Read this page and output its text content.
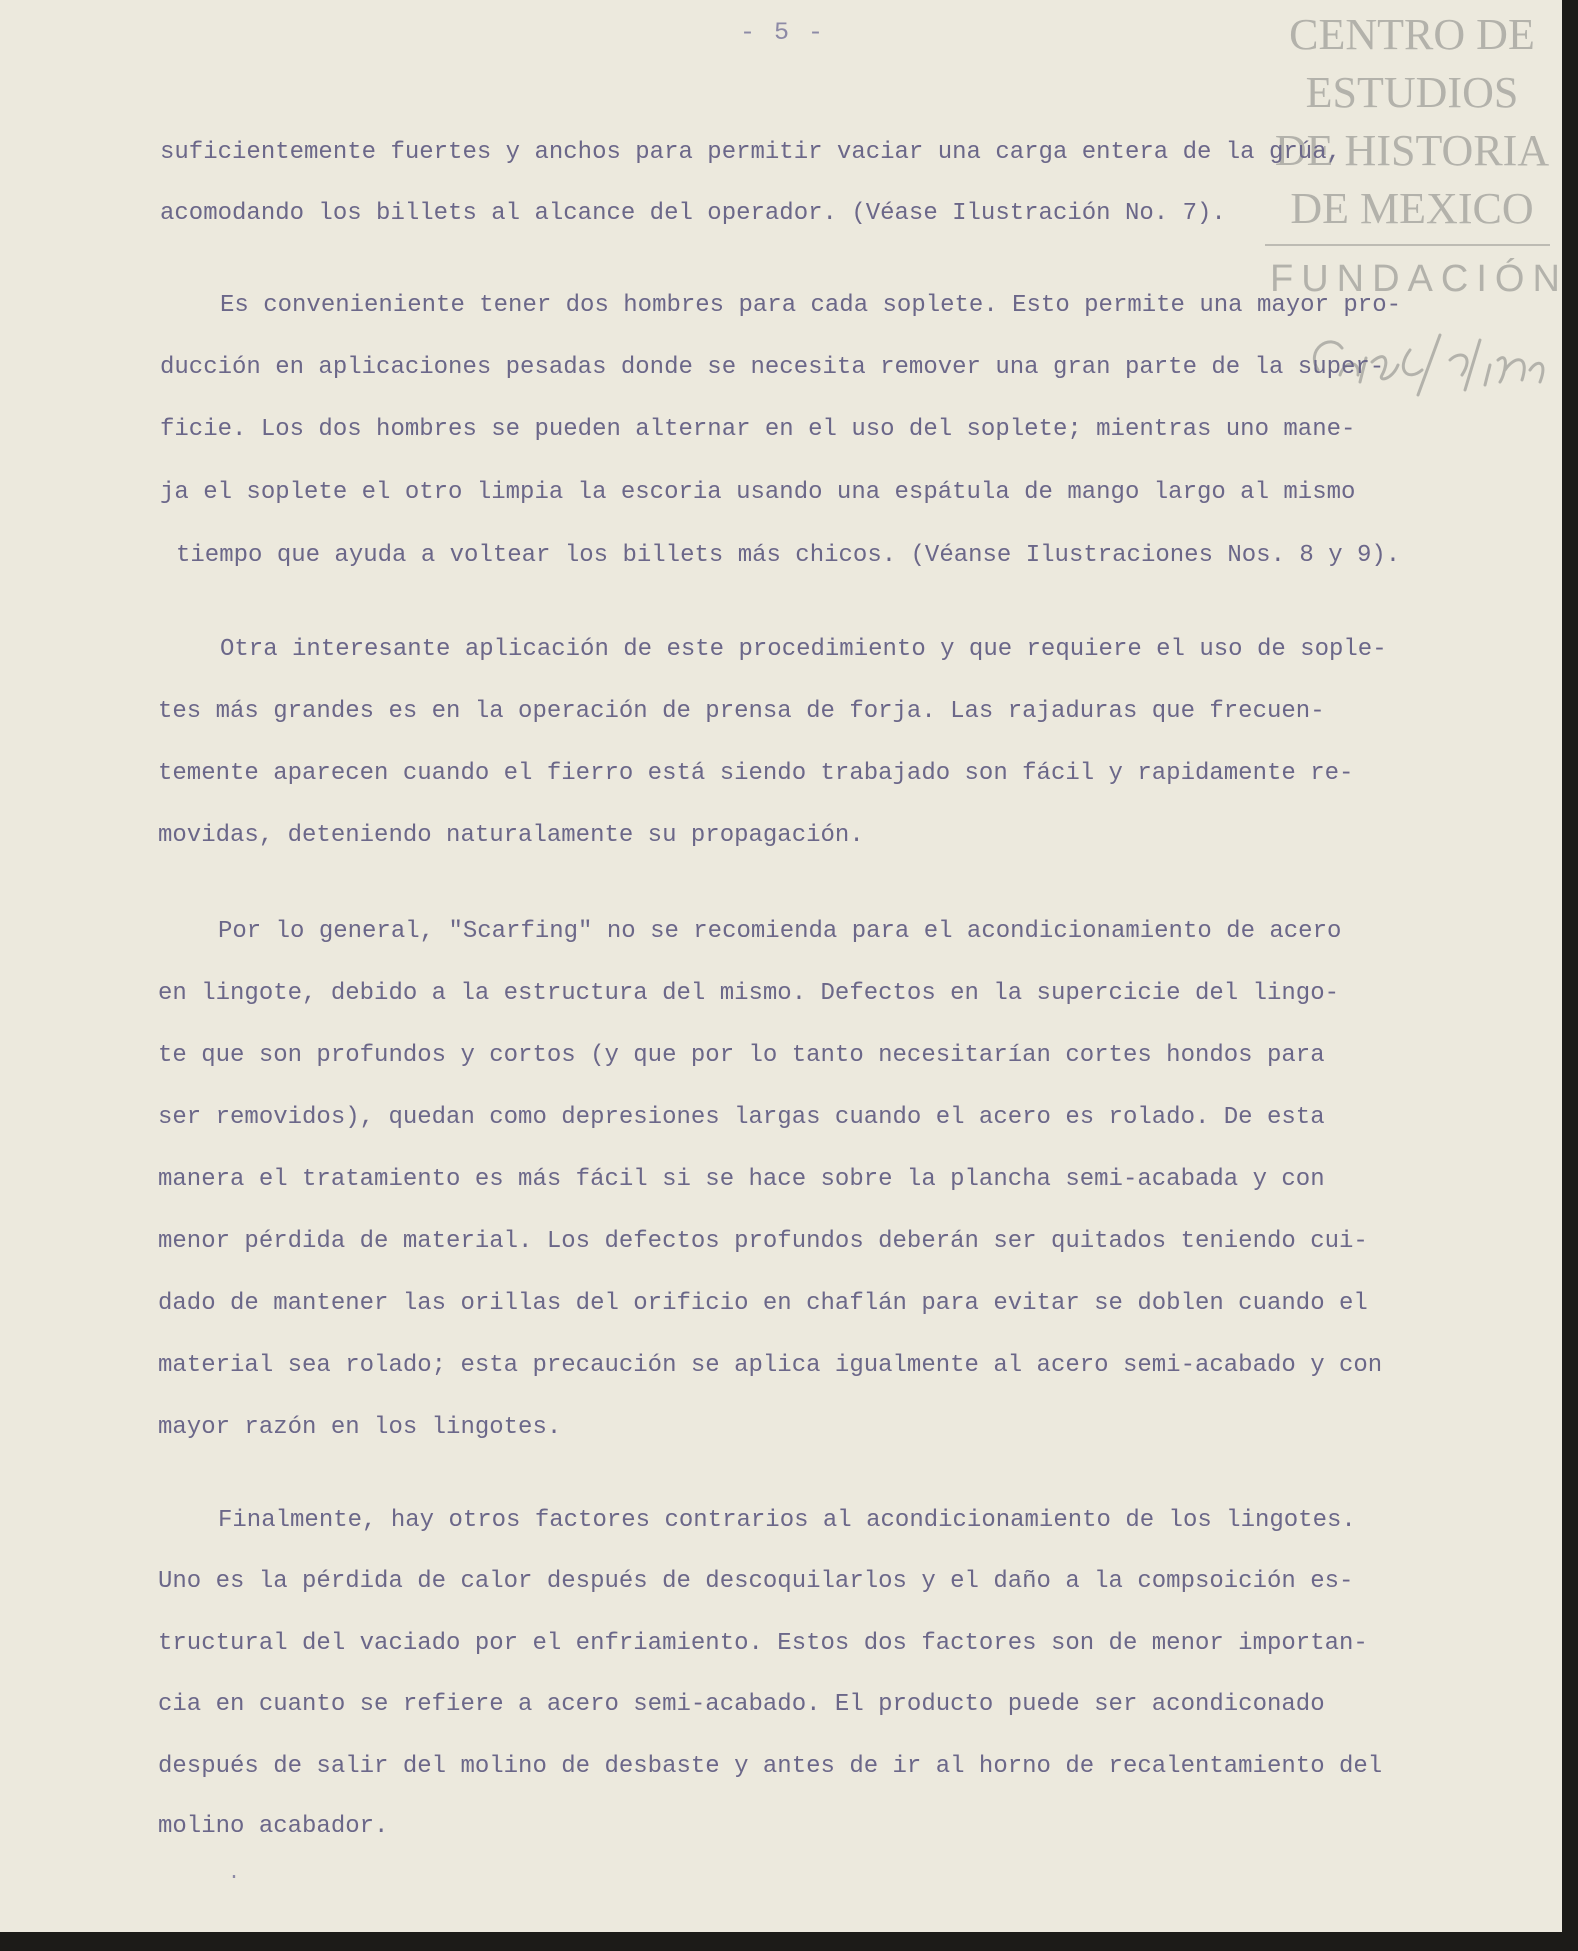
- 5 -	CENTRO DE
ESTUDIOS
DE HISTORIA
DE MEXICO
FUNDACIÓN
suficientemente fuertes y anchos para permitir vaciar una carga entera de la grúa,
acomodando los billets al alcance del operador. (Véase Ilustración No. 7).
Es convenieniente tener dos hombres para cada soplete. Esto permite una mayor pro-
ducción en aplicaciones pesadas donde se necesita remover una gran parte de la super-
ficie. Los dos hombres se pueden alternar en el uso del soplete; mientras uno mane-
ja el soplete el otro limpia la escoria usando una espátula de mango largo al mismo
tiempo que ayuda a voltear los billets más chicos. (Véanse Ilustraciones Nos. 8 y 9).
Otra interesante aplicación de este procedimiento y que requiere el uso de sople-
tes más grandes es en la operación de prensa de forja. Las rajaduras que frecuen-
temente aparecen cuando el fierro está siendo trabajado son fácil y rapidamente re-
movidas, deteniendo naturalamente su propagación.
Por lo general, "Scarfing" no se recomienda para el acondicionamiento de acero
en lingote, debido a la estructura del mismo. Defectos en la supercicie del lingo-
te que son profundos y cortos (y que por lo tanto necesitarían cortes hondos para
ser removidos), quedan como depresiones largas cuando el acero es rolado. De esta
manera el tratamiento es más fácil si se hace sobre la plancha semi-acabada y con
menor pérdida de material. Los defectos profundos deberán ser quitados teniendo cui-
dado de mantener las orillas del orificio en chaflán para evitar se doblen cuando el
material sea rolado; esta precaución se aplica igualmente al acero semi-acabado y con
mayor razón en los lingotes.
Finalmente, hay otros factores contrarios al acondicionamiento de los lingotes.
Uno es la pérdida de calor después de descoquilarlos y el daño a la compsoición es-
tructural del vaciado por el enfriamiento. Estos dos factores son de menor importan-
cia en cuanto se refiere a acero semi-acabado. El producto puede ser acondiconado
después de salir del molino de desbaste y antes de ir al horno de recalentamiento del
molino acabador.
·
